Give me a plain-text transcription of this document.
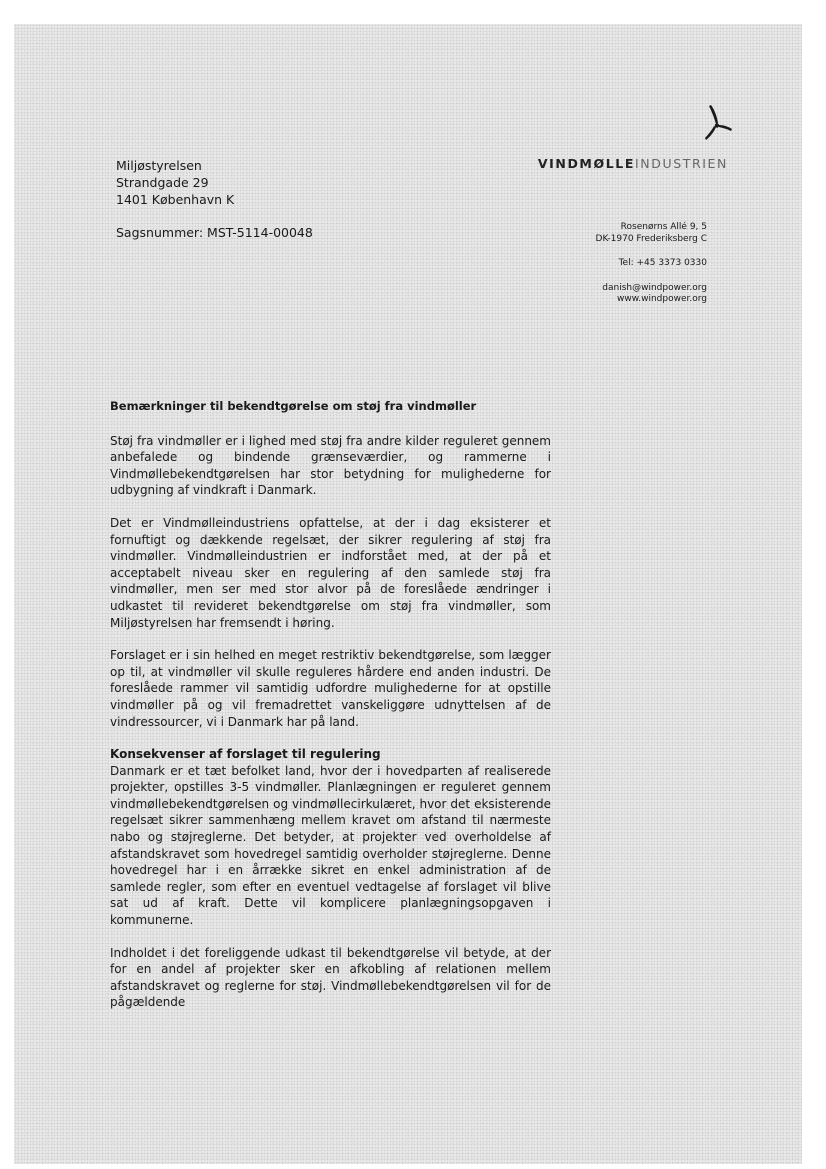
Miljøstyrelsen
Strandgade 29
1401 København K
Sagsnummer: MST-5114-00048
VINDMØLLEINDUSTRIEN
Rosenørns Allé 9, 5
DK-1970 Frederiksberg C
Tel: +45 3373 0330
danish@windpower.org
www.windpower.org
Bemærkninger til bekendtgørelse om støj fra vindmøller

Støj fra vindmøller er i lighed med støj fra andre kilder reguleret gennem anbefalede og bindende grænseværdier, og rammerne i Vindmøllebekendtgørelsen har stor betydning for mulighederne for udbygning af vindkraft i Danmark.

Det er Vindmølleindustriens opfattelse, at der i dag eksisterer et fornuftigt og dækkende regelsæt, der sikrer regulering af støj fra vindmøller. Vindmølleindustrien er indforstået med, at der på et acceptabelt niveau sker en regulering af den samlede støj fra vindmøller, men ser med stor alvor på de foreslåede ændringer i udkastet til revideret bekendtgørelse om støj fra vindmøller, som Miljøstyrelsen har fremsendt i høring.

Forslaget er i sin helhed en meget restriktiv bekendtgørelse, som lægger op til, at vindmøller vil skulle reguleres hårdere end anden industri. De foreslåede rammer vil samtidig udfordre mulighederne for at opstille vindmøller på og vil fremadrettet vanskeliggøre udnyttelsen af de vindressourcer, vi i Danmark har på land.

Konsekvenser af forslaget til regulering

Danmark er et tæt befolket land, hvor der i hovedparten af realiserede projekter, opstilles 3-5 vindmøller. Planlægningen er reguleret gennem vindmøllebekendtgørelsen og vindmøllecirkulæret, hvor det eksisterende regelsæt sikrer sammenhæng mellem kravet om afstand til nærmeste nabo og støjreglerne. Det betyder, at projekter ved overholdelse af afstandskravet som hovedregel samtidig overholder støjreglerne. Denne hovedregel har i en årrække sikret en enkel administration af de samlede regler, som efter en eventuel vedtagelse af forslaget vil blive sat ud af kraft. Dette vil komplicere planlægningsopgaven i kommunerne.

Indholdet i det foreliggende udkast til bekendtgørelse vil betyde, at der for en andel af projekter sker en afkobling af relationen mellem afstandskravet og reglerne for støj. Vindmøllebekendtgørelsen vil for de pågældende
